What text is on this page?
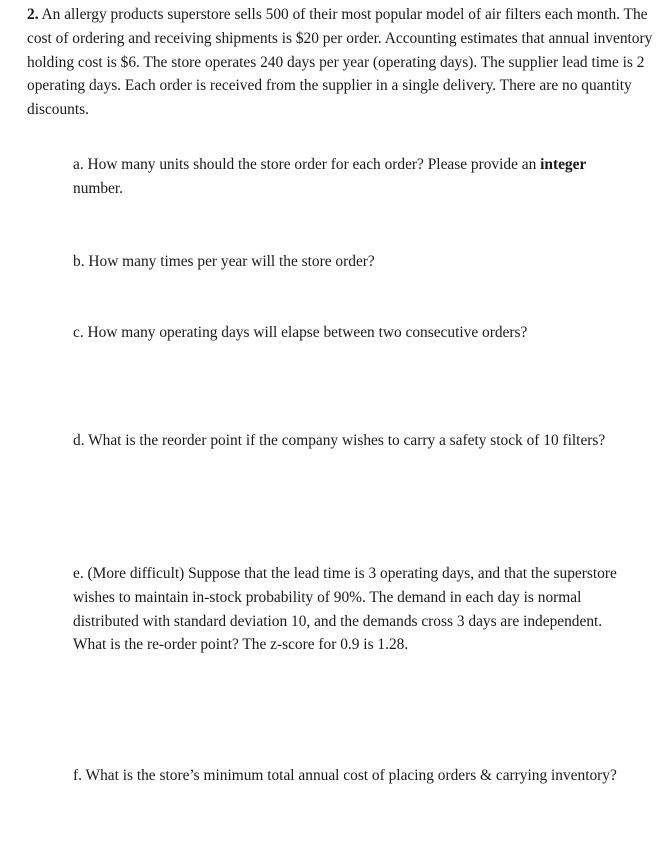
2. An allergy products superstore sells 500 of their most popular model of air filters each month. The cost of ordering and receiving shipments is $20 per order. Accounting estimates that annual inventory holding cost is $6. The store operates 240 days per year (operating days). The supplier lead time is 2 operating days. Each order is received from the supplier in a single delivery. There are no quantity discounts.

a. How many units should the store order for each order? Please provide an integer number.

b. How many times per year will the store order?

c. How many operating days will elapse between two consecutive orders?

d. What is the reorder point if the company wishes to carry a safety stock of 10 filters?

e. (More difficult) Suppose that the lead time is 3 operating days, and that the superstore wishes to maintain in-stock probability of 90%. The demand in each day is normal distributed with standard deviation 10, and the demands cross 3 days are independent. What is the re-order point? The z-score for 0.9 is 1.28.

f. What is the store’s minimum total annual cost of placing orders & carrying inventory?
